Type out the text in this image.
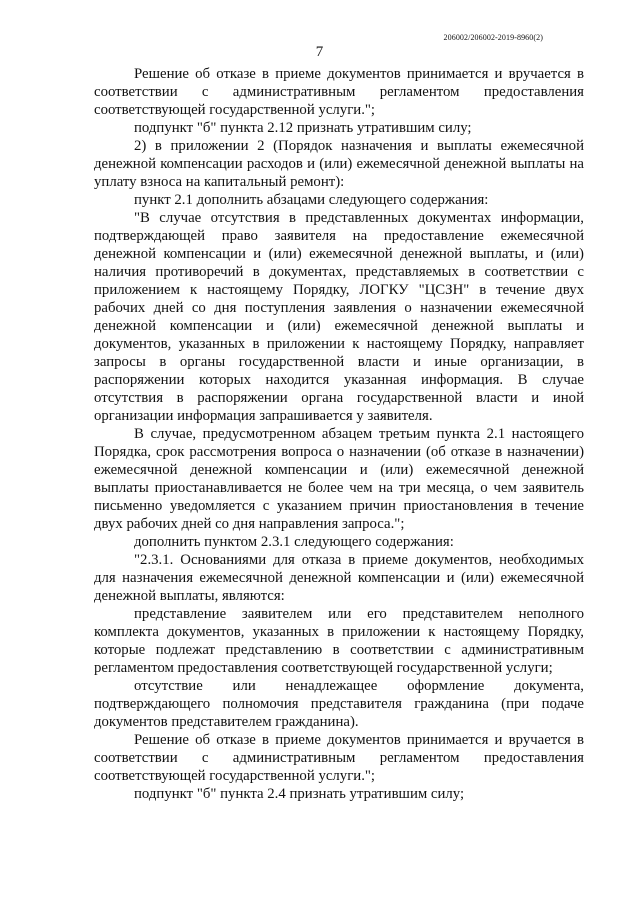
206002/206002-2019-8960(2)
7

Решение об отказе в приеме документов принимается и вручается в соответствии с административным регламентом предоставления соответствующей государственной услуги.";

подпункт "б" пункта 2.12 признать утратившим силу;

2) в приложении 2 (Порядок назначения и выплаты ежемесячной денежной компенсации расходов и (или) ежемесячной денежной выплаты на уплату взноса на капитальный ремонт):

пункт 2.1 дополнить абзацами следующего содержания:

"В случае отсутствия в представленных документах информации, подтверждающей право заявителя на предоставление ежемесячной денежной компенсации и (или) ежемесячной денежной выплаты, и (или) наличия противоречий в документах, представляемых в соответствии с приложением к настоящему Порядку, ЛОГКУ "ЦСЗН" в течение двух рабочих дней со дня поступления заявления о назначении ежемесячной денежной компенсации и (или) ежемесячной денежной выплаты и документов, указанных в приложении к настоящему Порядку, направляет запросы в органы государственной власти и иные организации, в распоряжении которых находится указанная информация. В случае отсутствия в распоряжении органа государственной власти и иной организации информация запрашивается у заявителя.

В случае, предусмотренном абзацем третьим пункта 2.1 настоящего Порядка, срок рассмотрения вопроса о назначении (об отказе в назначении) ежемесячной денежной компенсации и (или) ежемесячной денежной выплаты приостанавливается не более чем на три месяца, о чем заявитель письменно уведомляется с указанием причин приостановления в течение двух рабочих дней со дня направления запроса.";

дополнить пунктом 2.3.1 следующего содержания:

"2.3.1. Основаниями для отказа в приеме документов, необходимых для назначения ежемесячной денежной компенсации и (или) ежемесячной денежной выплаты, являются:

представление заявителем или его представителем неполного комплекта документов, указанных в приложении к настоящему Порядку, которые подлежат представлению в соответствии с административным регламентом предоставления соответствующей государственной услуги;

отсутствие или ненадлежащее оформление документа, подтверждающего полномочия представителя гражданина (при подаче документов представителем гражданина).

Решение об отказе в приеме документов принимается и вручается в соответствии с административным регламентом предоставления соответствующей государственной услуги.";

подпункт "б" пункта 2.4 признать утратившим силу;
